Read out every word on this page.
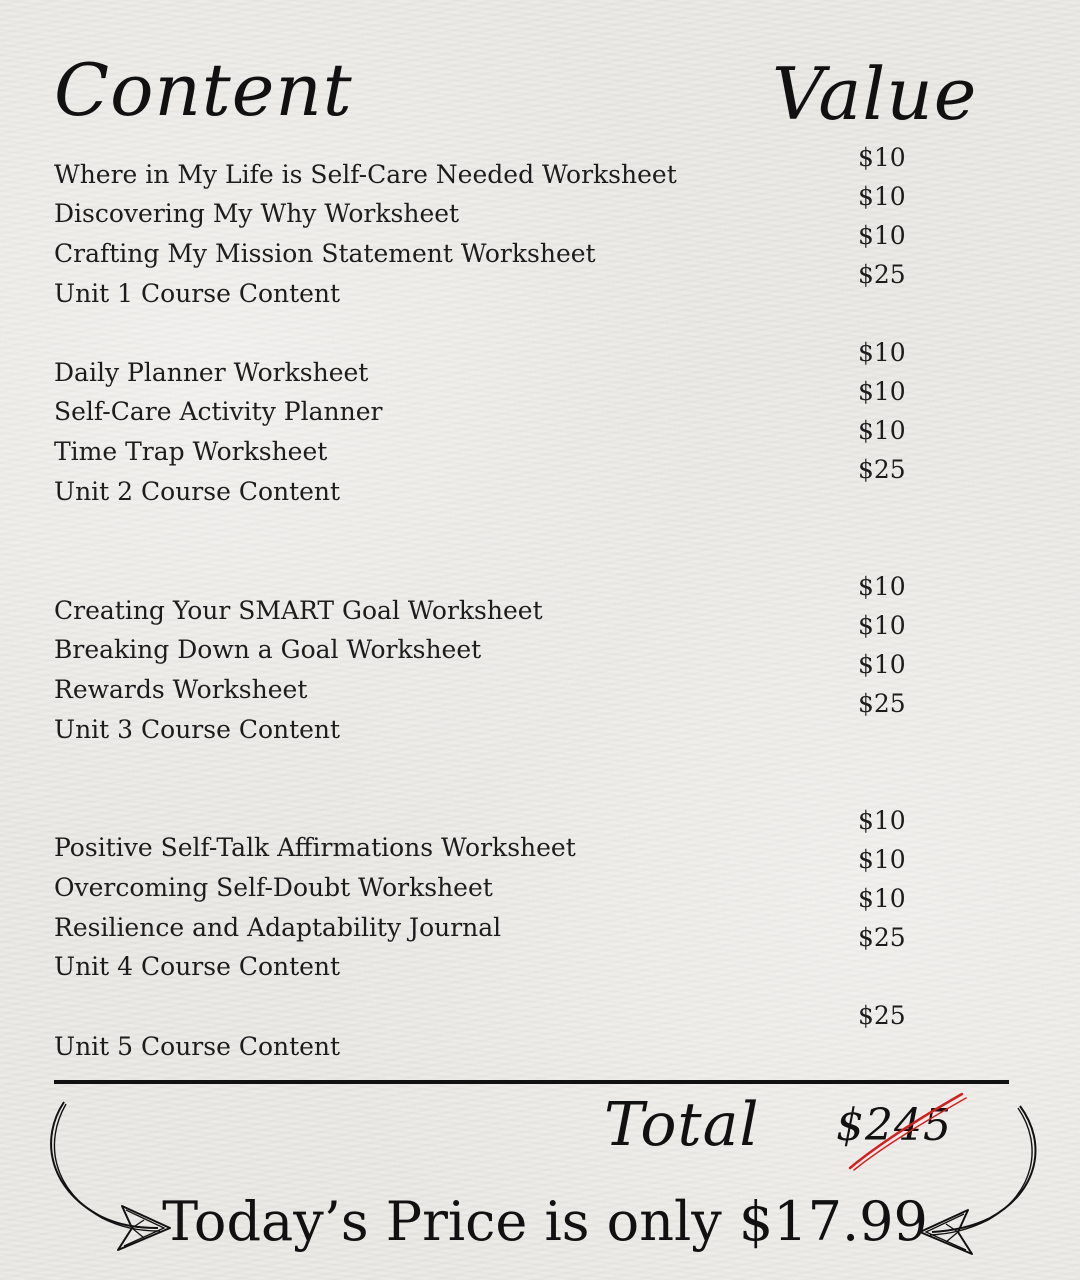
Content	Value
Where in My Life is Self-Care Needed Worksheet
Discovering My Why Worksheet
Crafting My Mission Statement Worksheet
Unit 1 Course Content
$10
$10
$10
$25
Daily Planner Worksheet
Self-Care Activity Planner
Time Trap Worksheet
Unit 2 Course Content
$10
$10
$10
$25
Creating Your SMART Goal Worksheet
Breaking Down a Goal Worksheet
Rewards Worksheet
Unit 3 Course Content
$10
$10
$10
$25
Positive Self-Talk Affirmations Worksheet
Overcoming Self-Doubt Worksheet
Resilience and Adaptability Journal
Unit 4 Course Content
$10
$10
$10
$25
Unit 5 Course Content
$25
Total $245
Today’s Price is only $17.99
